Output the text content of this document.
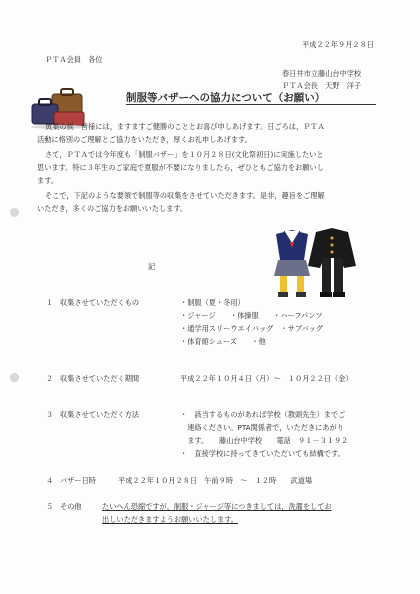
平成２２年９月２８日
ＰＴＡ会員　各位
春日井市立藤山台中学校
ＰＴＡ会長　天野　洋子
制服等バザーへの協力について（お願い）
黄葉の候　皆様には，ますますご健勝のこととお喜び申しあげます。日ごろは，ＰＴＡ
活動に格別のご理解とご協力をいただき，厚くお礼申しあげます。
さて，ＰＴＡでは今年度も「制服バザー」を１０月２８日(文化祭初日)に実施したいと
思います。特に３年生のご家庭で夏服が不要になりましたら，ぜひともご協力をお願いし
ます。
そこで，下記のような要領で制服等の収集をさせていただきます。是非，趣旨をご理解
いただき，多くのご協力をお願いいたします。
記
１ 収集させていただくもの	・制服（夏・冬用）
・ジャージ　　・体操服　　・ハーフパンツ
・通学用スリーウエイバッグ　・サブバッグ
・体育館シューズ　　・他
２ 収集させていただく期間	平成２２年１０月４日（月）～　１０月２２日（金）
３ 収集させていただく方法	・　該当するものがあれば学校（教頭先生）までご
　連絡ください。PTA関係者で，いただきにあがり
　ます。　　藤山台中学校　　電話　９１－３１９２
・　直接学校に持ってきていただいても結構です。
４ バザー日時	平成２２年１０月２８日　午前９時　～　１２時　　武道場
５ その他	たいへん恐縮ですが，制服・ジャージ等につきましては，洗濯をしてお
出しいただきますようお願いいたします。
